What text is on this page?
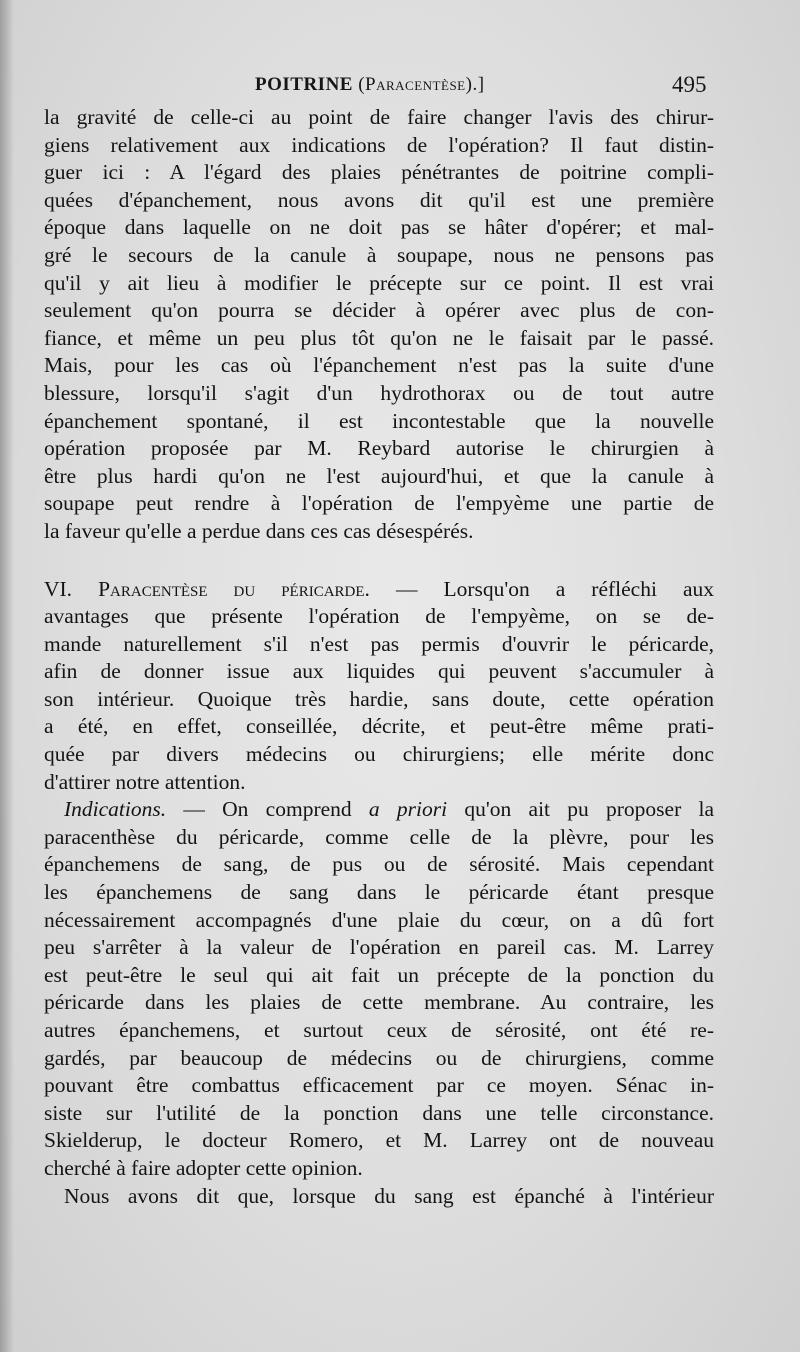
POITRINE (Paracentèse).]	495
la gravité de celle-ci au point de faire changer l'avis des chirur-
giens relativement aux indications de l'opération? Il faut distin-
guer ici : A l'égard des plaies pénétrantes de poitrine compli-
quées d'épanchement, nous avons dit qu'il est une première
époque dans laquelle on ne doit pas se hâter d'opérer; et mal-
gré le secours de la canule à soupape, nous ne pensons pas
qu'il y ait lieu à modifier le précepte sur ce point. Il est vrai
seulement qu'on pourra se décider à opérer avec plus de con-
fiance, et même un peu plus tôt qu'on ne le faisait par le passé.
Mais, pour les cas où l'épanchement n'est pas la suite d'une
blessure, lorsqu'il s'agit d'un hydrothorax ou de tout autre
épanchement spontané, il est incontestable que la nouvelle
opération proposée par M. Reybard autorise le chirurgien à
être plus hardi qu'on ne l'est aujourd'hui, et que la canule à
soupape peut rendre à l'opération de l'empyème une partie de
la faveur qu'elle a perdue dans ces cas désespérés.
VI. Paracentèse du péricarde. — Lorsqu'on a réfléchi aux
avantages que présente l'opération de l'empyème, on se de-
mande naturellement s'il n'est pas permis d'ouvrir le péricarde,
afin de donner issue aux liquides qui peuvent s'accumuler à
son intérieur. Quoique très hardie, sans doute, cette opération
a été, en effet, conseillée, décrite, et peut-être même prati-
quée par divers médecins ou chirurgiens; elle mérite donc
d'attirer notre attention.
Indications. — On comprend a priori qu'on ait pu proposer la
paracenthèse du péricarde, comme celle de la plèvre, pour les
épanchemens de sang, de pus ou de sérosité. Mais cependant
les épanchemens de sang dans le péricarde étant presque
nécessairement accompagnés d'une plaie du cœur, on a dû fort
peu s'arrêter à la valeur de l'opération en pareil cas. M. Larrey
est peut-être le seul qui ait fait un précepte de la ponction du
péricarde dans les plaies de cette membrane. Au contraire, les
autres épanchemens, et surtout ceux de sérosité, ont été re-
gardés, par beaucoup de médecins ou de chirurgiens, comme
pouvant être combattus efficacement par ce moyen. Sénac in-
siste sur l'utilité de la ponction dans une telle circonstance.
Skielderup, le docteur Romero, et M. Larrey ont de nouveau
cherché à faire adopter cette opinion.
Nous avons dit que, lorsque du sang est épanché à l'intérieur
